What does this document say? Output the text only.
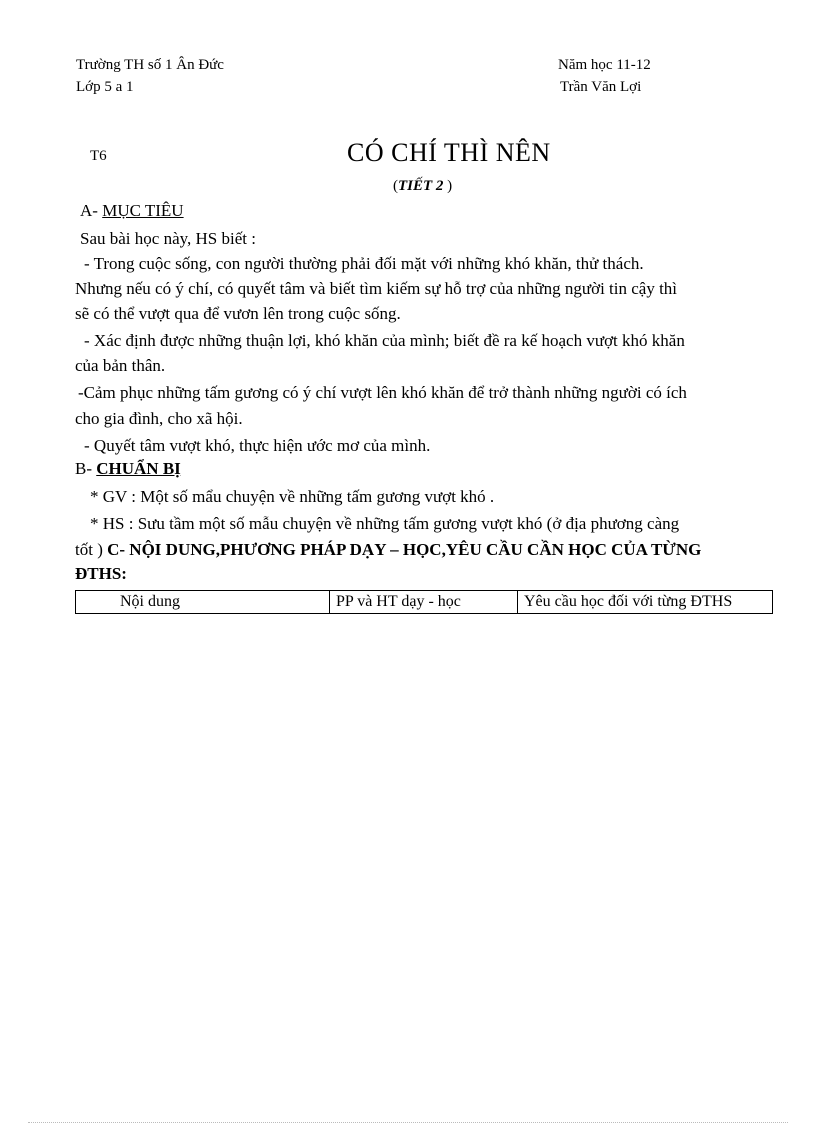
Trường TH số 1 Ân Đức
Lớp 5 a 1
Năm học 11-12
Trần Văn Lợi
T6	CÓ CHÍ THÌ NÊN
(TIẾT 2 )
A- MỤC TIÊU
Sau bài học này, HS biết :
- Trong cuộc sống, con người thường phải đối mặt với những khó khăn, thử thách.
Nhưng nếu có ý chí, có quyết tâm và biết tìm kiếm sự hỗ trợ của những người tin cậy thì
sẽ có thể vượt qua để vươn lên trong cuộc sống.
- Xác định được những thuận lợi, khó khăn của mình; biết đề ra kế hoạch vượt khó khăn
của bản thân.
-Cảm phục những tấm gương có ý chí vượt lên khó khăn để trở thành những người có ích
cho gia đình, cho xã hội.
- Quyết tâm vượt khó, thực hiện ước mơ của mình.
B- CHUẨN BỊ
* GV : Một số mẩu chuyện về những tấm gương vượt khó .
* HS : Sưu tầm một số mẫu chuyện về những tấm gương vượt khó (ở địa phương càng
tốt ) C- NỘI DUNG,PHƯƠNG PHÁP DẠY – HỌC,YÊU CẦU CẦN HỌC CỦA TỪNG
ĐTHS:
Nội dung	PP và HT dạy - học	Yêu cầu học đối với từng ĐTHS
